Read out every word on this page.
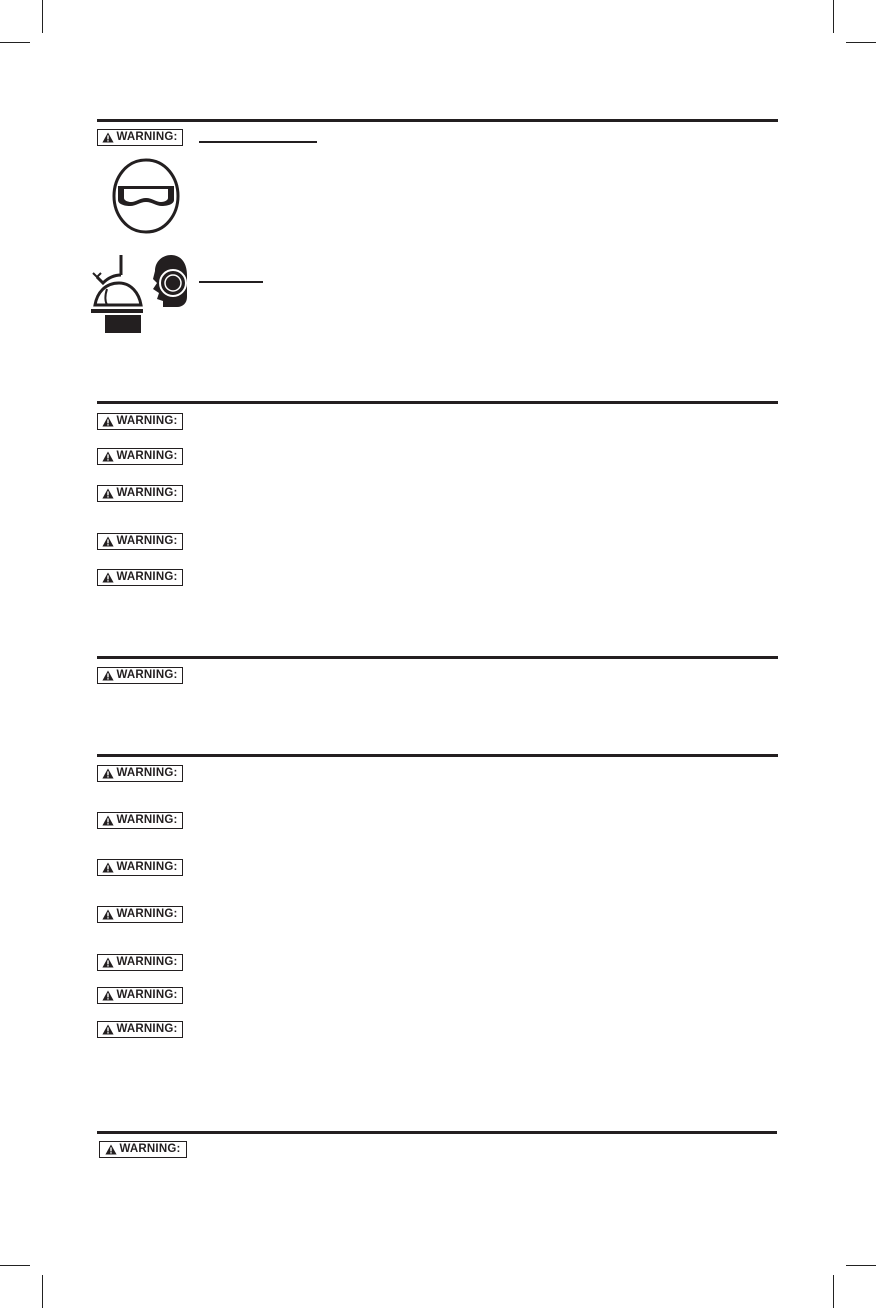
WARNING:
WARNING:
WARNING:
WARNING:
WARNING:
WARNING:
WARNING:
WARNING:
WARNING:
WARNING:
WARNING:
WARNING:
WARNING:
WARNING:
WARNING:
